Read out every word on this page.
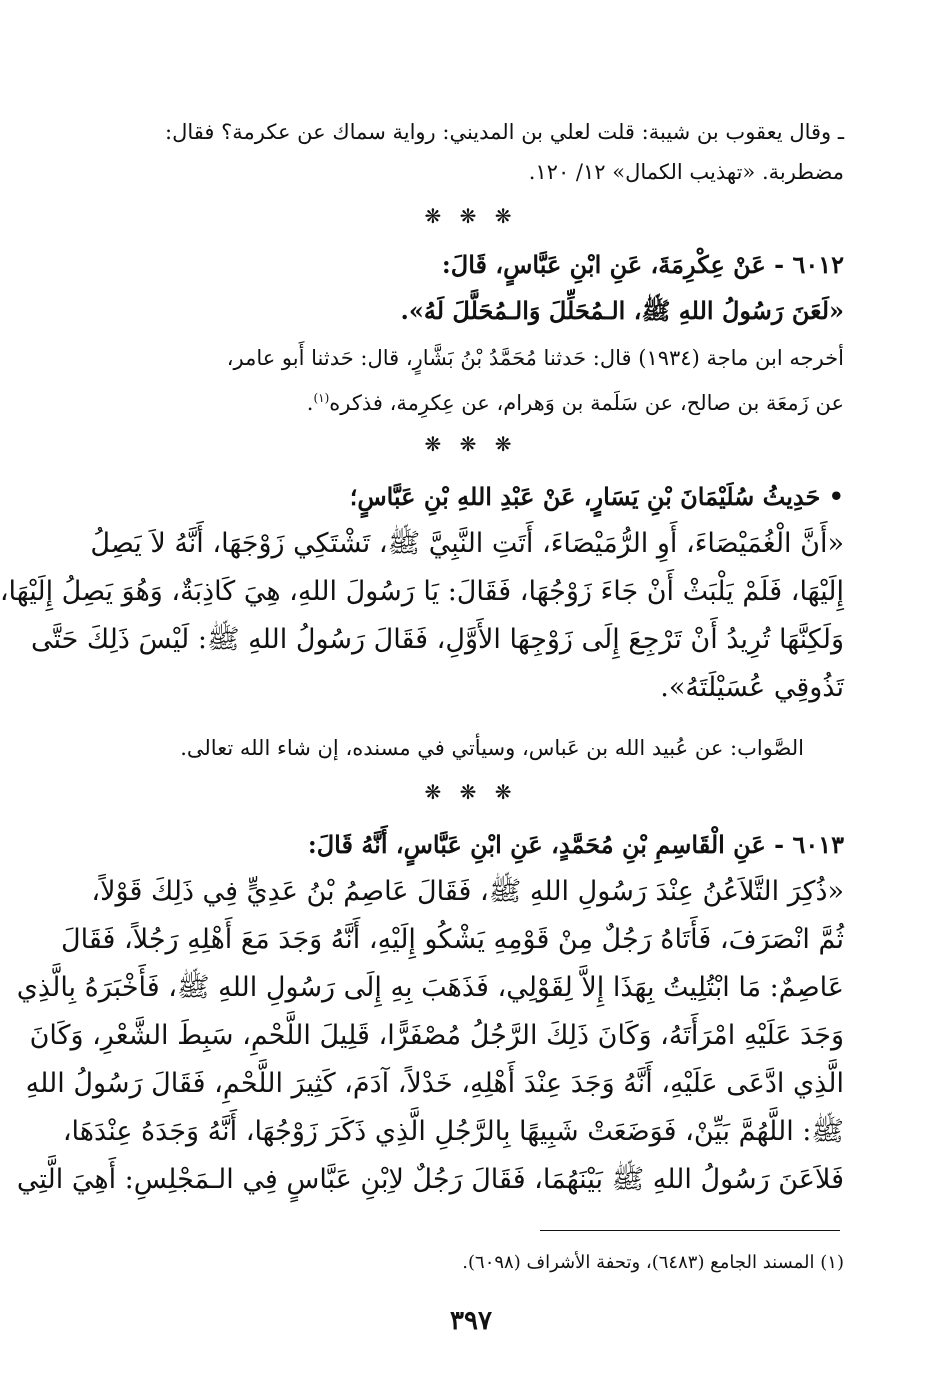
ـ وقال يعقوب بن شيبة: قلت لعلي بن المديني: رواية سماك عن عكرمة؟ فقال:
مضطربة. «تهذيب الكمال» ١٢/ ١٢٠.
❋ ❋ ❋
٦٠١٢ - عَنْ عِكْرِمَةَ، عَنِ ابْنِ عَبَّاسٍ، قَالَ:
«لَعَنَ رَسُولُ اللهِ ﷺ، الـمُحَلِّلَ وَالـمُحَلَّلَ لَهُ».
أخرجه ابن ماجة (١٩٣٤) قال: حَدثنا مُحَمَّدُ بْنُ بَشَّارٍ، قال: حَدثنا أَبو عامر،
عن زَمعَة بن صالح، عن سَلَمة بن وَهرام، عن عِكرِمة، فذكره$^{(١)}$.
❋ ❋ ❋
• حَدِيثُ سُلَيْمَانَ بْنِ يَسَارٍ، عَنْ عَبْدِ اللهِ بْنِ عَبَّاسٍ؛
«أَنَّ الْغُمَيْصَاءَ، أَوِ الرُّمَيْصَاءَ، أَتَتِ النَّبِيَّ ﷺ، تَشْتَكِي زَوْجَهَا، أَنَّهُ لاَ يَصِلُ
إِلَيْهَا، فَلَمْ يَلْبَثْ أَنْ جَاءَ زَوْجُهَا، فَقَالَ: يَا رَسُولَ اللهِ، هِيَ كَاذِبَةٌ، وَهُوَ يَصِلُ إِلَيْهَا،
وَلَكِنَّهَا تُرِيدُ أَنْ تَرْجِعَ إِلَى زَوْجِهَا الأَوَّلِ، فَقَالَ رَسُولُ اللهِ ﷺ: لَيْسَ ذَلِكَ حَتَّى
تَذُوقِي عُسَيْلَتَهُ».
الصَّواب: عن عُبيد الله بن عَباس، وسيأتي في مسنده، إن شاء الله تعالى.
❋ ❋ ❋
٦٠١٣ - عَنِ الْقَاسِمِ بْنِ مُحَمَّدٍ، عَنِ ابْنِ عَبَّاسٍ، أَنَّهُ قَالَ:
«ذُكِرَ التَّلاَعُنُ عِنْدَ رَسُولِ اللهِ ﷺ، فَقَالَ عَاصِمُ بْنُ عَدِيٍّ فِي ذَلِكَ قَوْلاً،
ثُمَّ انْصَرَفَ، فَأَتَاهُ رَجُلٌ مِنْ قَوْمِهِ يَشْكُو إِلَيْهِ، أَنَّهُ وَجَدَ مَعَ أَهْلِهِ رَجُلاً، فَقَالَ
عَاصِمٌ: مَا ابْتُلِيتُ بِهَذَا إِلاَّ لِقَوْلِي، فَذَهَبَ بِهِ إِلَى رَسُولِ اللهِ ﷺ، فَأَخْبَرَهُ بِالَّذِي
وَجَدَ عَلَيْهِ امْرَأَتَهُ، وَكَانَ ذَلِكَ الرَّجُلُ مُصْفَرًّا، قَلِيلَ اللَّحْمِ، سَبِطَ الشَّعْرِ، وَكَانَ
الَّذِي ادَّعَى عَلَيْهِ، أَنَّهُ وَجَدَ عِنْدَ أَهْلِهِ، خَدْلاً، آدَمَ، كَثِيرَ اللَّحْمِ، فَقَالَ رَسُولُ اللهِ
ﷺ: اللَّهُمَّ بَيِّنْ، فَوَضَعَتْ شَبِيهًا بِالرَّجُلِ الَّذِي ذَكَرَ زَوْجُهَا، أَنَّهُ وَجَدَهُ عِنْدَهَا،
فَلاَعَنَ رَسُولُ اللهِ ﷺ بَيْنَهُمَا، فَقَالَ رَجُلٌ لاِبْنِ عَبَّاسٍ فِي الـمَجْلِسِ: أَهِيَ الَّتِي
(١) المسند الجامع (٦٤٨٣)، وتحفة الأشراف (٦٠٩٨).
٣٩٧
